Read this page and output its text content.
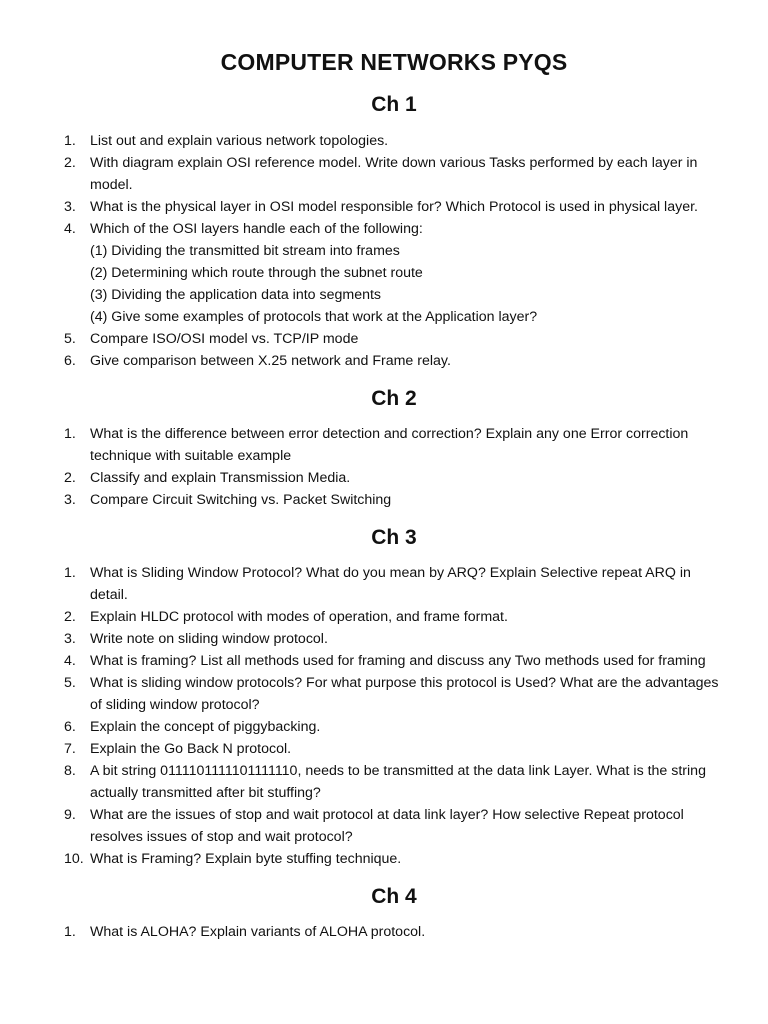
COMPUTER NETWORKS PYQS
Ch 1
1. List out and explain various network topologies.
2. With diagram explain OSI reference model. Write down various Tasks performed by each layer in model.
3. What is the physical layer in OSI model responsible for? Which Protocol is used in physical layer.
4. Which of the OSI layers handle each of the following:
(1) Dividing the transmitted bit stream into frames
(2) Determining which route through the subnet route
(3) Dividing the application data into segments
(4) Give some examples of protocols that work at the Application layer?
5. Compare ISO/OSI model vs. TCP/IP mode
6. Give comparison between X.25 network and Frame relay.
Ch 2
1. What is the difference between error detection and correction? Explain any one Error correction technique with suitable example
2. Classify and explain Transmission Media.
3. Compare Circuit Switching vs. Packet Switching
Ch 3
1. What is Sliding Window Protocol? What do you mean by ARQ? Explain Selective repeat ARQ in detail.
2. Explain HLDC protocol with modes of operation, and frame format.
3. Write note on sliding window protocol.
4. What is framing? List all methods used for framing and discuss any Two methods used for framing
5. What is sliding window protocols? For what purpose this protocol is Used? What are the advantages of sliding window protocol?
6. Explain the concept of piggybacking.
7. Explain the Go Back N protocol.
8. A bit string 0111101111101111110, needs to be transmitted at the data link Layer. What is the string actually transmitted after bit stuffing?
9. What are the issues of stop and wait protocol at data link layer? How selective Repeat protocol resolves issues of stop and wait protocol?
10. What is Framing? Explain byte stuffing technique.
Ch 4
1. What is ALOHA? Explain variants of ALOHA protocol.
